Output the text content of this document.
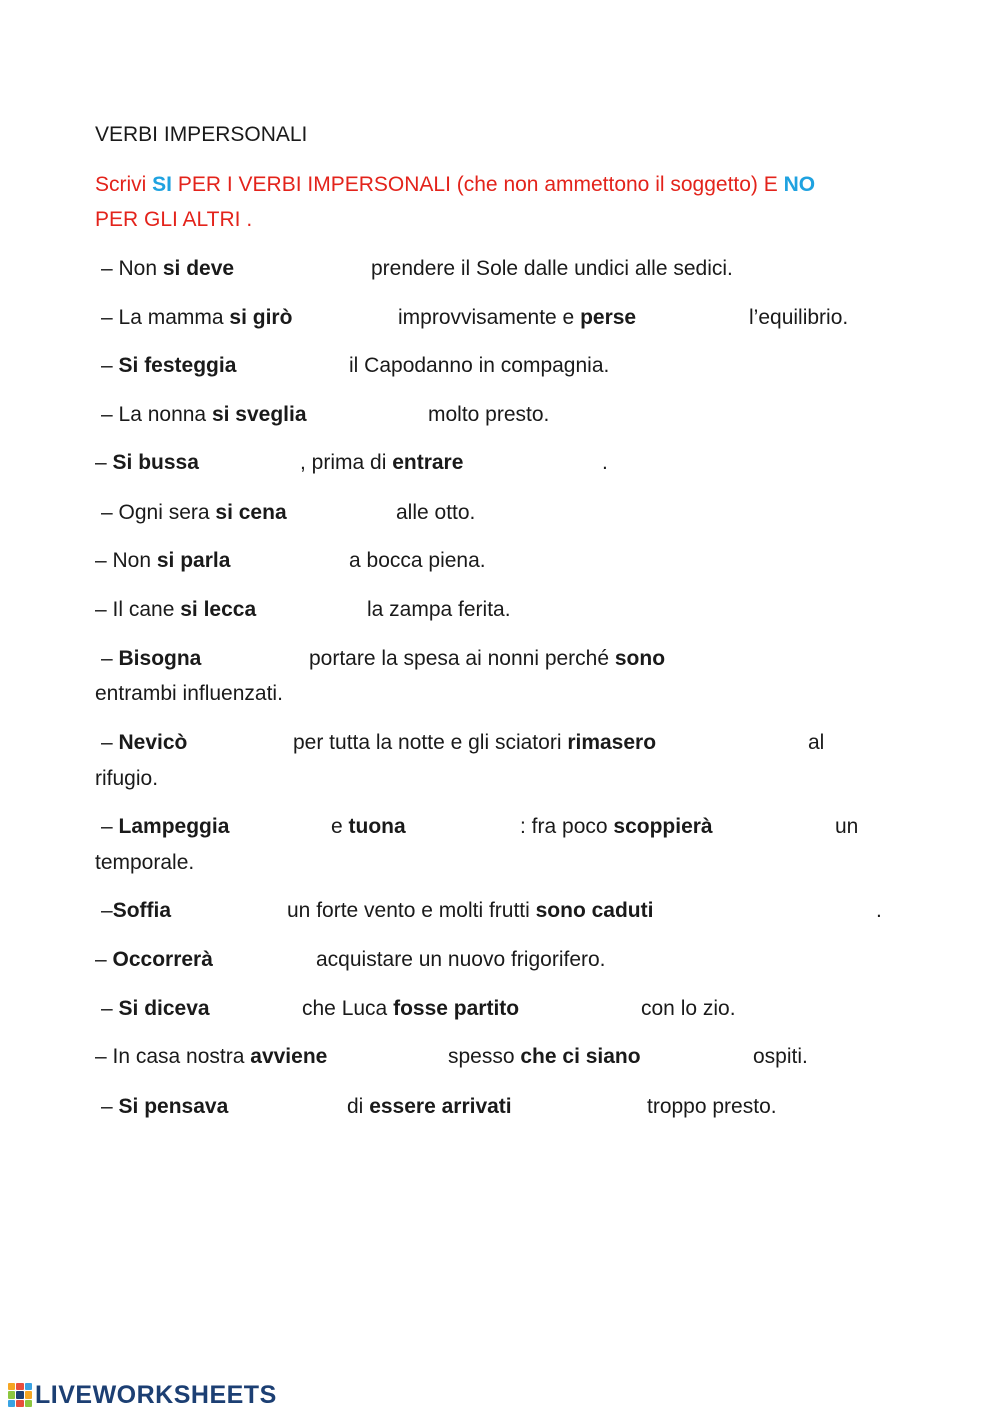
VERBI IMPERSONALI
Scrivi SI PER I VERBI IMPERSONALI (che non ammettono il soggetto) E NO
PER GLI ALTRI .
– Non si deve	prendere il Sole dalle undici alle sedici.
– La mamma si girò	improvvisamente e perse	l’equilibrio.
– Si festeggia	il Capodanno in compagnia.
– La nonna si sveglia	molto presto.
– Si bussa	, prima di entrare	.
– Ogni sera si cena	alle otto.
– Non si parla	a bocca piena.
– Il cane si lecca	la zampa ferita.
– Bisogna	portare la spesa ai nonni perché sono
entrambi influenzati.
– Nevicò	per tutta la notte e gli sciatori rimasero	al
rifugio.
– Lampeggia	e tuona	: fra poco scoppierà	un
temporale.
–Soffia	un forte vento e molti frutti sono caduti	.
– Occorrerà	acquistare un nuovo frigorifero.
– Si diceva	che Luca fosse partito	con lo zio.
– In casa nostra avviene	spesso che ci siano	ospiti.
– Si pensava	di essere arrivati	troppo presto.
LIVEWORKSHEETS
